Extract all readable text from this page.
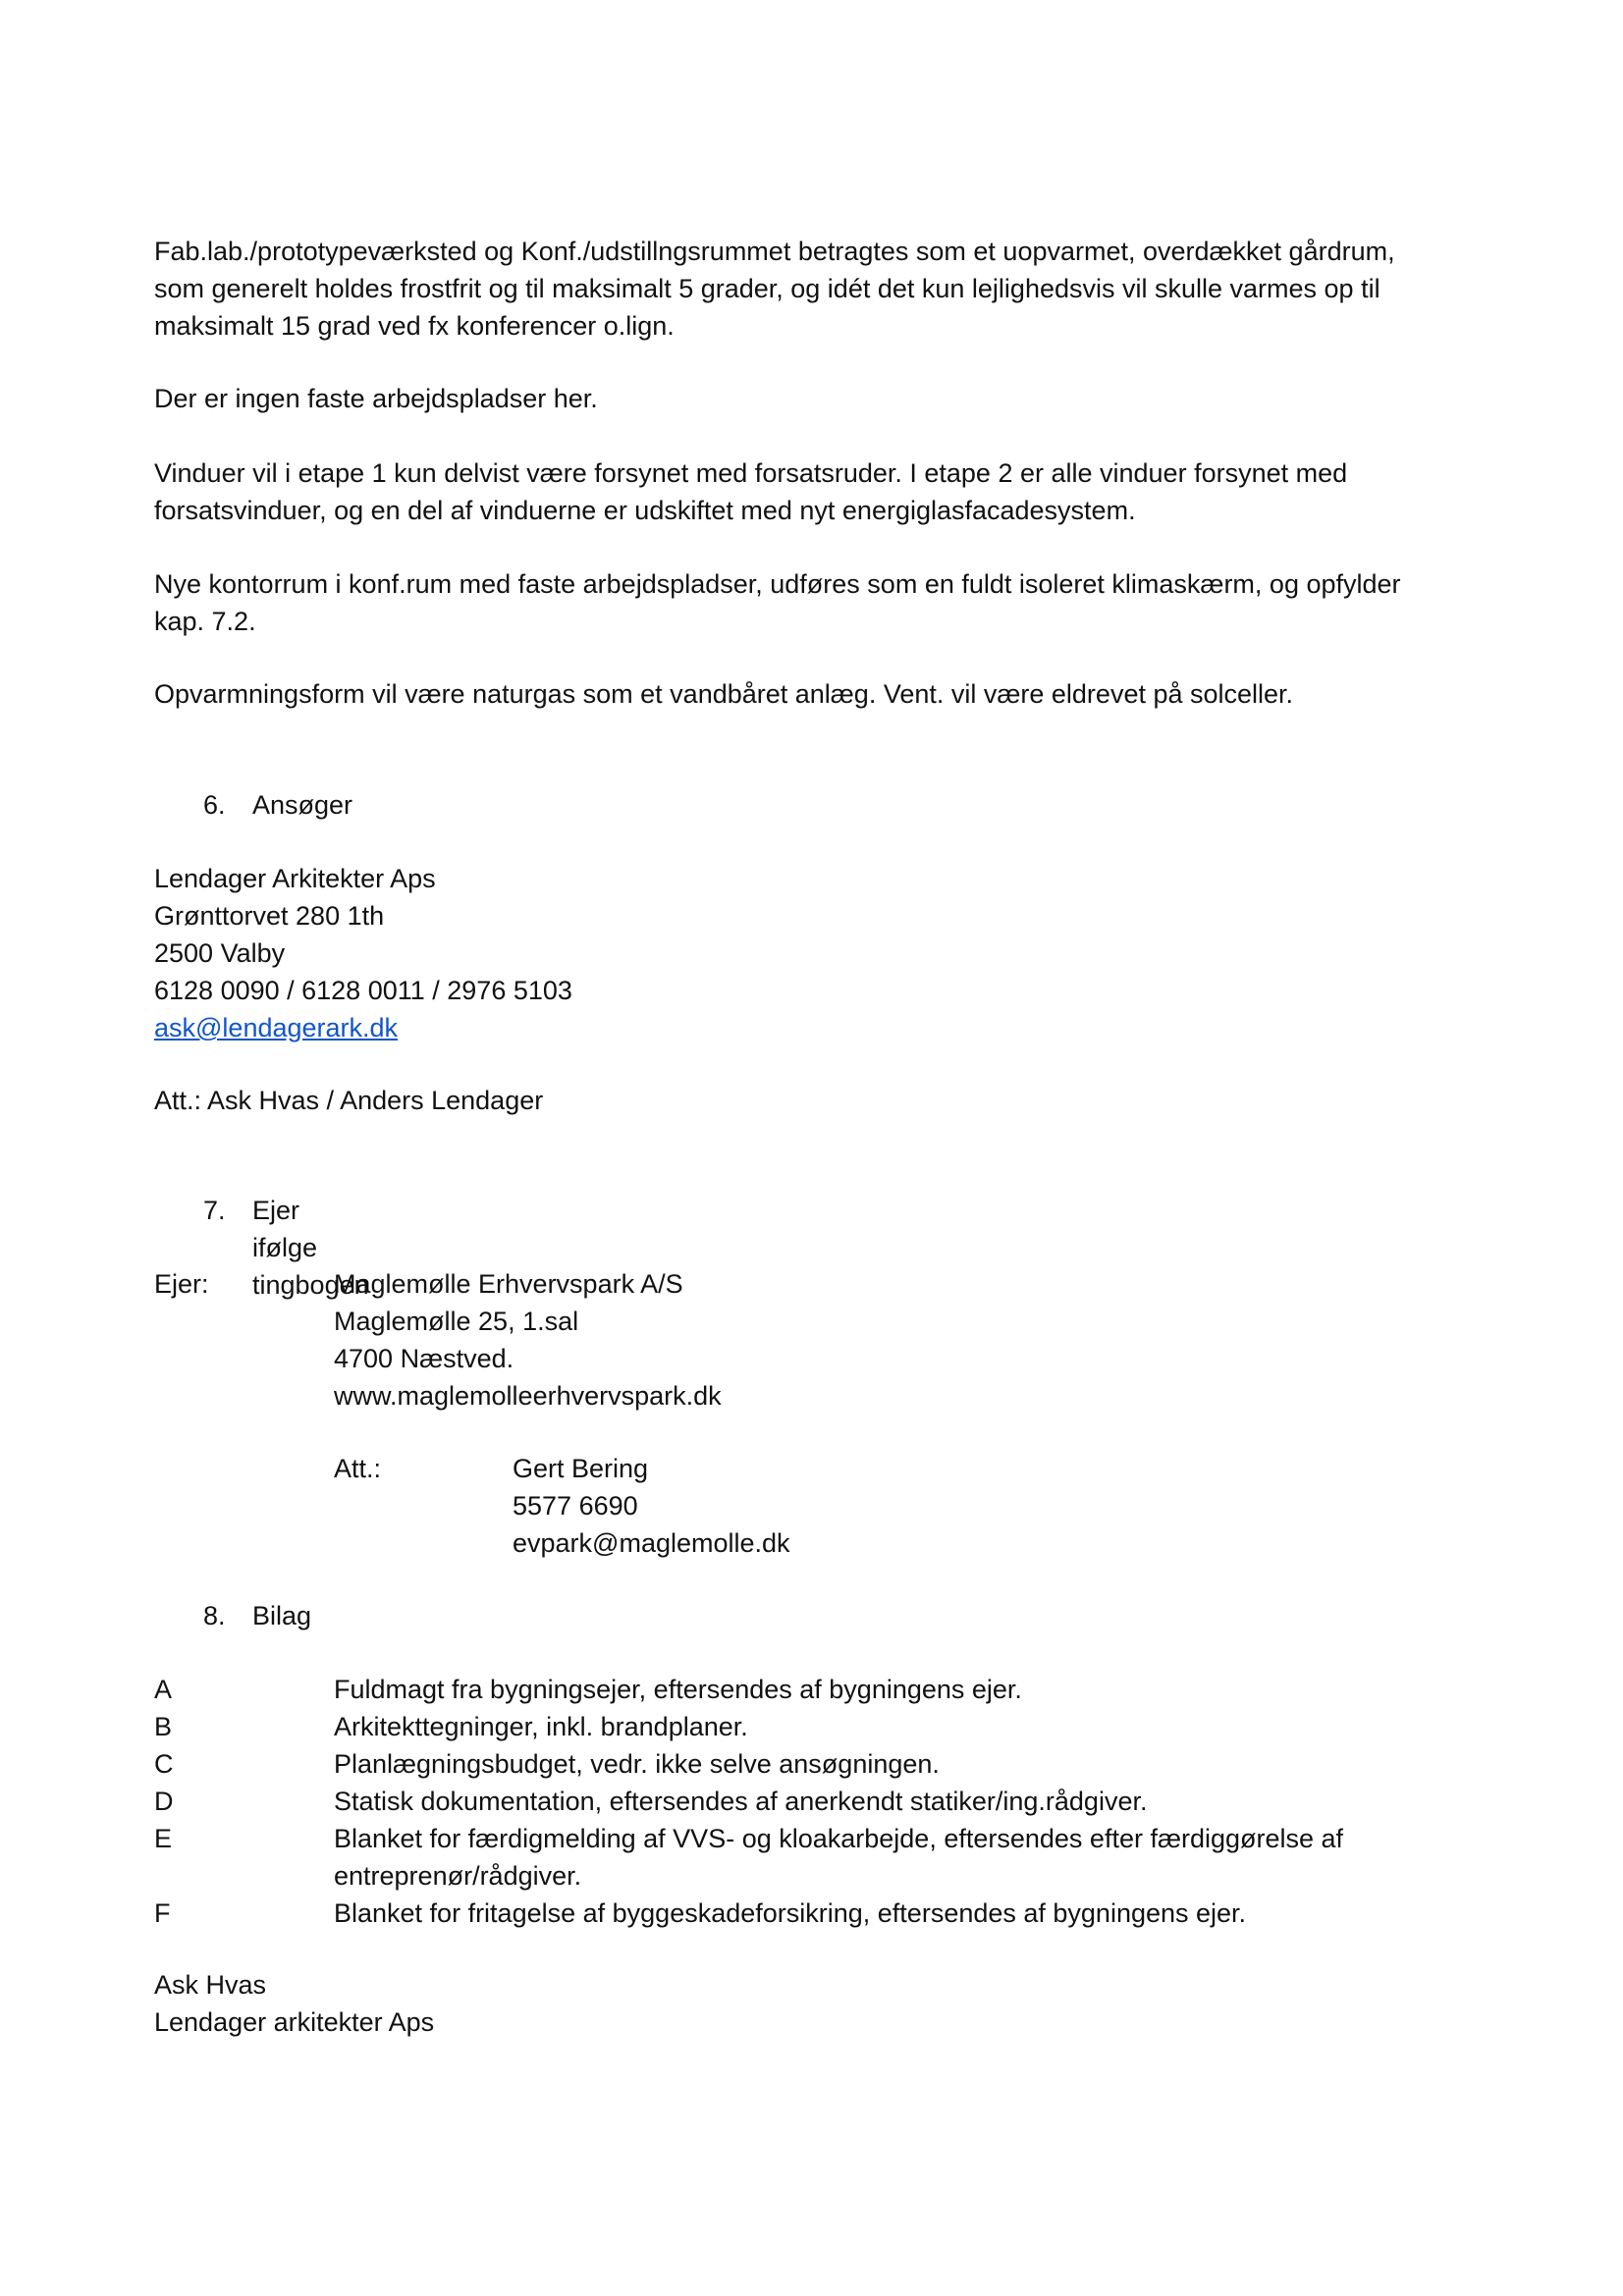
Fab.lab./prototypeværksted og Konf./udstillngsrummet betragtes som et uopvarmet, overdækket gårdrum,
som generelt holdes frostfrit og til maksimalt 5 grader, og idét det kun lejlighedsvis vil skulle varmes op til
maksimalt 15 grad ved fx konferencer o.lign.
Der er ingen faste arbejdspladser her.
Vinduer vil i etape 1 kun delvist være forsynet med forsatsruder. I etape 2 er alle vinduer forsynet med
forsatsvinduer, og en del af vinduerne er udskiftet med nyt energiglasfacadesystem.
Nye kontorrum i konf.rum med faste arbejdspladser, udføres som en fuldt isoleret klimaskærm, og opfylder
kap. 7.2.
Opvarmningsform vil være naturgas som et vandbåret anlæg. Vent. vil være eldrevet på solceller.
6. Ansøger
Lendager Arkitekter Aps
Grønttorvet 280 1th
2500 Valby
6128 0090 / 6128 0011 / 2976 5103
ask@lendagerark.dk
Att.: Ask Hvas / Anders Lendager
7. Ejer ifølge tingbogen
Ejer:	Maglemølle Erhvervspark A/S
Maglemølle 25, 1.sal
4700 Næstved.
www.maglemolleerhvervspark.dk
Att.:	Gert Bering
5577 6690
evpark@maglemolle.dk
8. Bilag
A	Fuldmagt fra bygningsejer, eftersendes af bygningens ejer.
B	Arkitekttegninger, inkl. brandplaner.
C	Planlægningsbudget, vedr. ikke selve ansøgningen.
D	Statisk dokumentation, eftersendes af anerkendt statiker/ing.rådgiver.
E	Blanket for færdigmelding af VVS- og kloakarbejde, eftersendes efter færdiggørelse af
entreprenør/rådgiver.
F	Blanket for fritagelse af byggeskadeforsikring, eftersendes af bygningens ejer.
Ask Hvas
Lendager arkitekter Aps
